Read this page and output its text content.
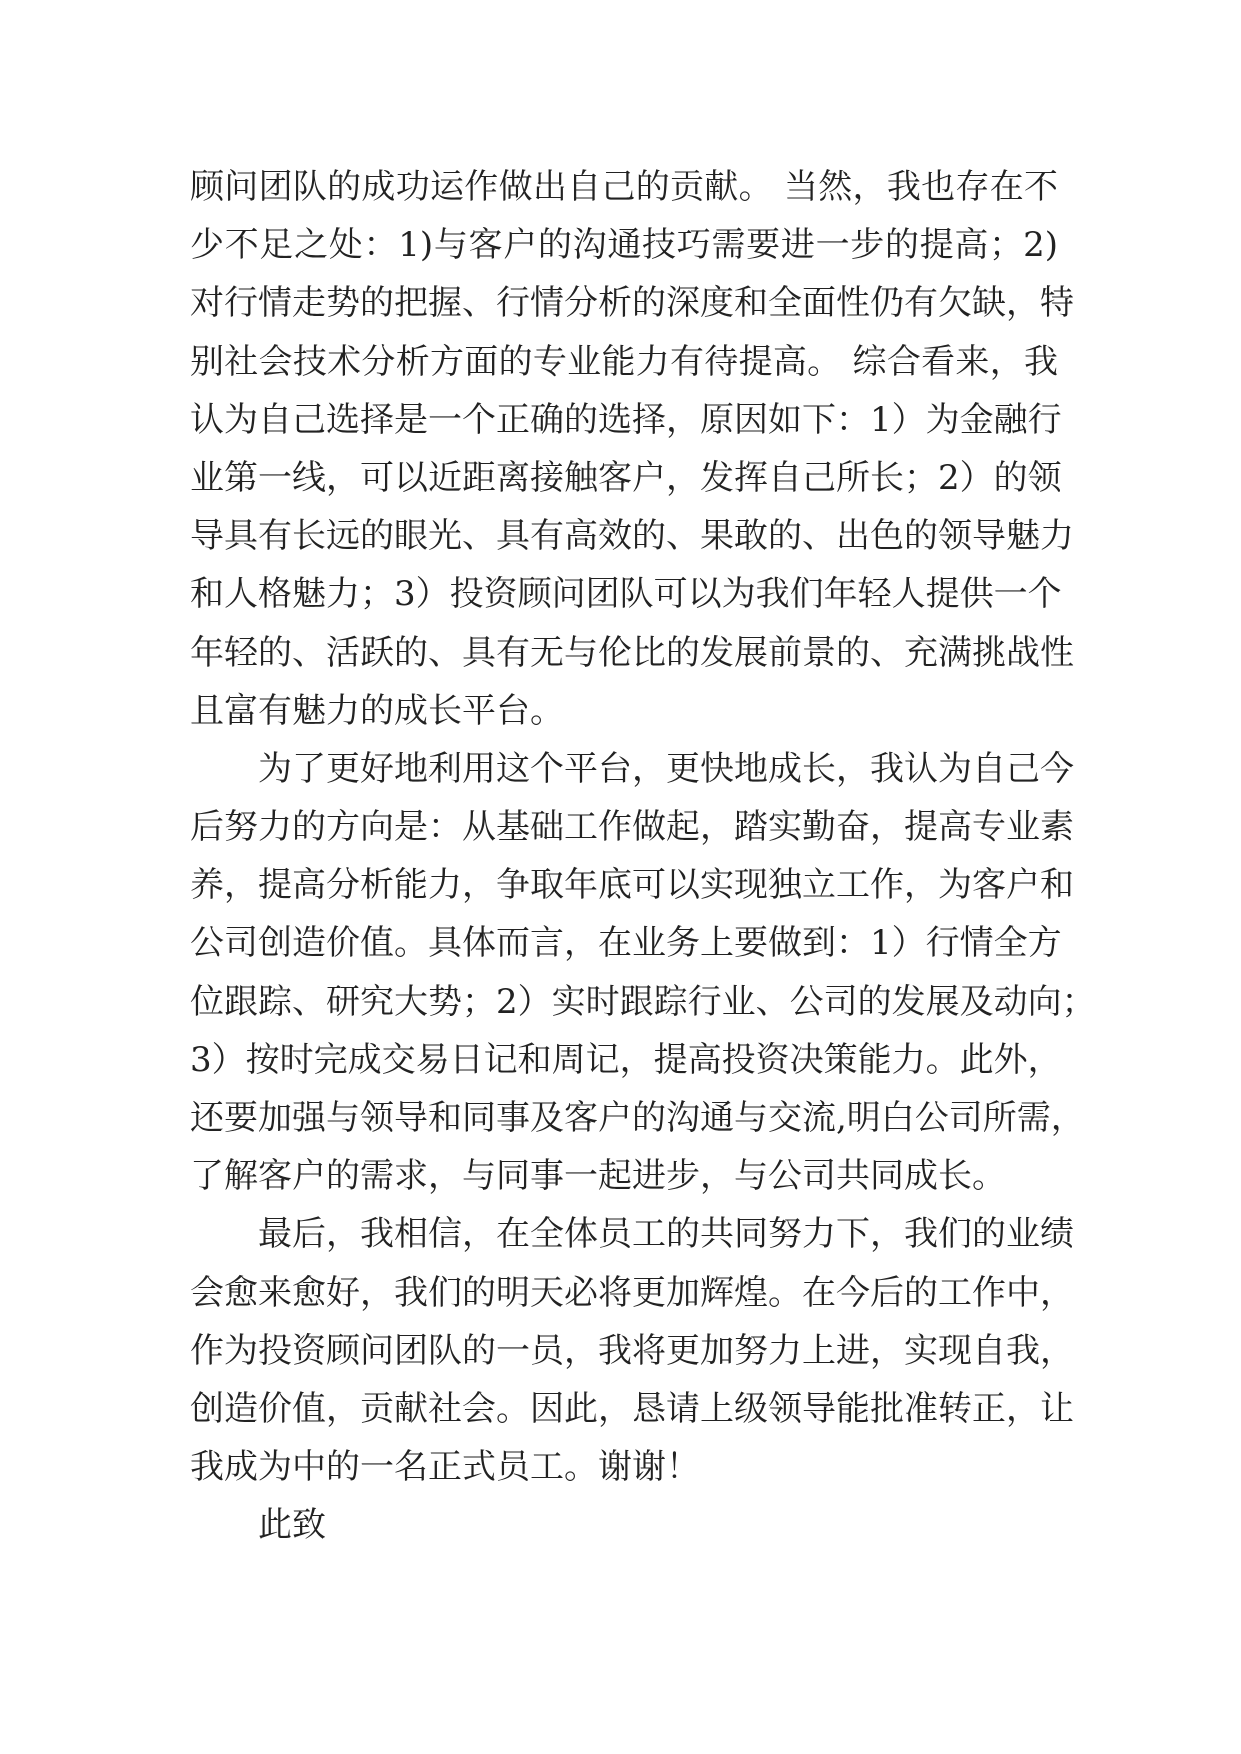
顾问团队的成功运作做出自己的贡献。 当然，我也存在不
少不足之处：1)与客户的沟通技巧需要进一步的提高；2)
对行情走势的把握、行情分析的深度和全面性仍有欠缺，特
别社会技术分析方面的专业能力有待提高。 综合看来，我
认为自己选择是一个正确的选择，原因如下：1）为金融行
业第一线，可以近距离接触客户，发挥自己所长；2）的领
导具有长远的眼光、具有高效的、果敢的、出色的领导魅力
和人格魅力；3）投资顾问团队可以为我们年轻人提供一个
年轻的、活跃的、具有无与伦比的发展前景的、充满挑战性
且富有魅力的成长平台。
为了更好地利用这个平台，更快地成长，我认为自己今
后努力的方向是：从基础工作做起，踏实勤奋，提高专业素
养，提高分析能力，争取年底可以实现独立工作，为客户和
公司创造价值。具体而言，在业务上要做到：1）行情全方
位跟踪、研究大势；2）实时跟踪行业、公司的发展及动向；
3）按时完成交易日记和周记，提高投资决策能力。此外，
还要加强与领导和同事及客户的沟通与交流,明白公司所需，
了解客户的需求，与同事一起进步，与公司共同成长。
最后，我相信，在全体员工的共同努力下，我们的业绩
会愈来愈好，我们的明天必将更加辉煌。在今后的工作中，
作为投资顾问团队的一员，我将更加努力上进，实现自我，
创造价值，贡献社会。因此，恳请上级领导能批准转正，让
我成为中的一名正式员工。谢谢！
此致
